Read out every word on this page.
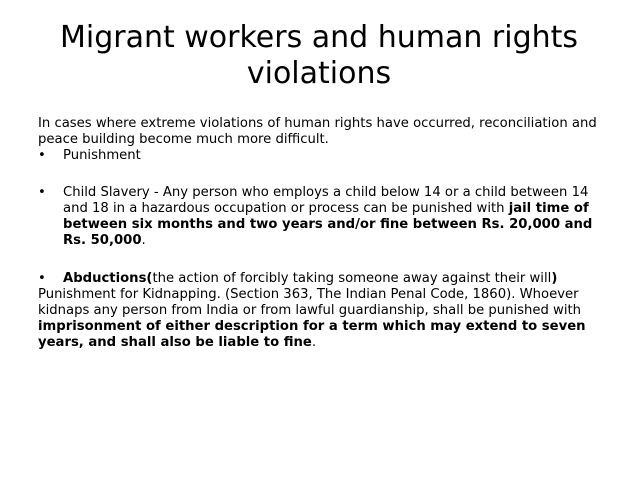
Migrant workers and human rights
violations

In cases where extreme violations of human rights have occurred, reconciliation and peace building become much more difficult.

•	Punishment

•	Child Slavery - Any person who employs a child below 14 or a child between 14 and 18 in a hazardous occupation or process can be punished with jail time of between six months and two years and/or fine between Rs. 20,000 and Rs. 50,000.

•	Abductions(the action of forcibly taking someone away against their will)

Punishment for Kidnapping. (Section 363, The Indian Penal Code, 1860). Whoever kidnaps any person from India or from lawful guardianship, shall be punished with imprisonment of either description for a term which may extend to seven years, and shall also be liable to fine.
